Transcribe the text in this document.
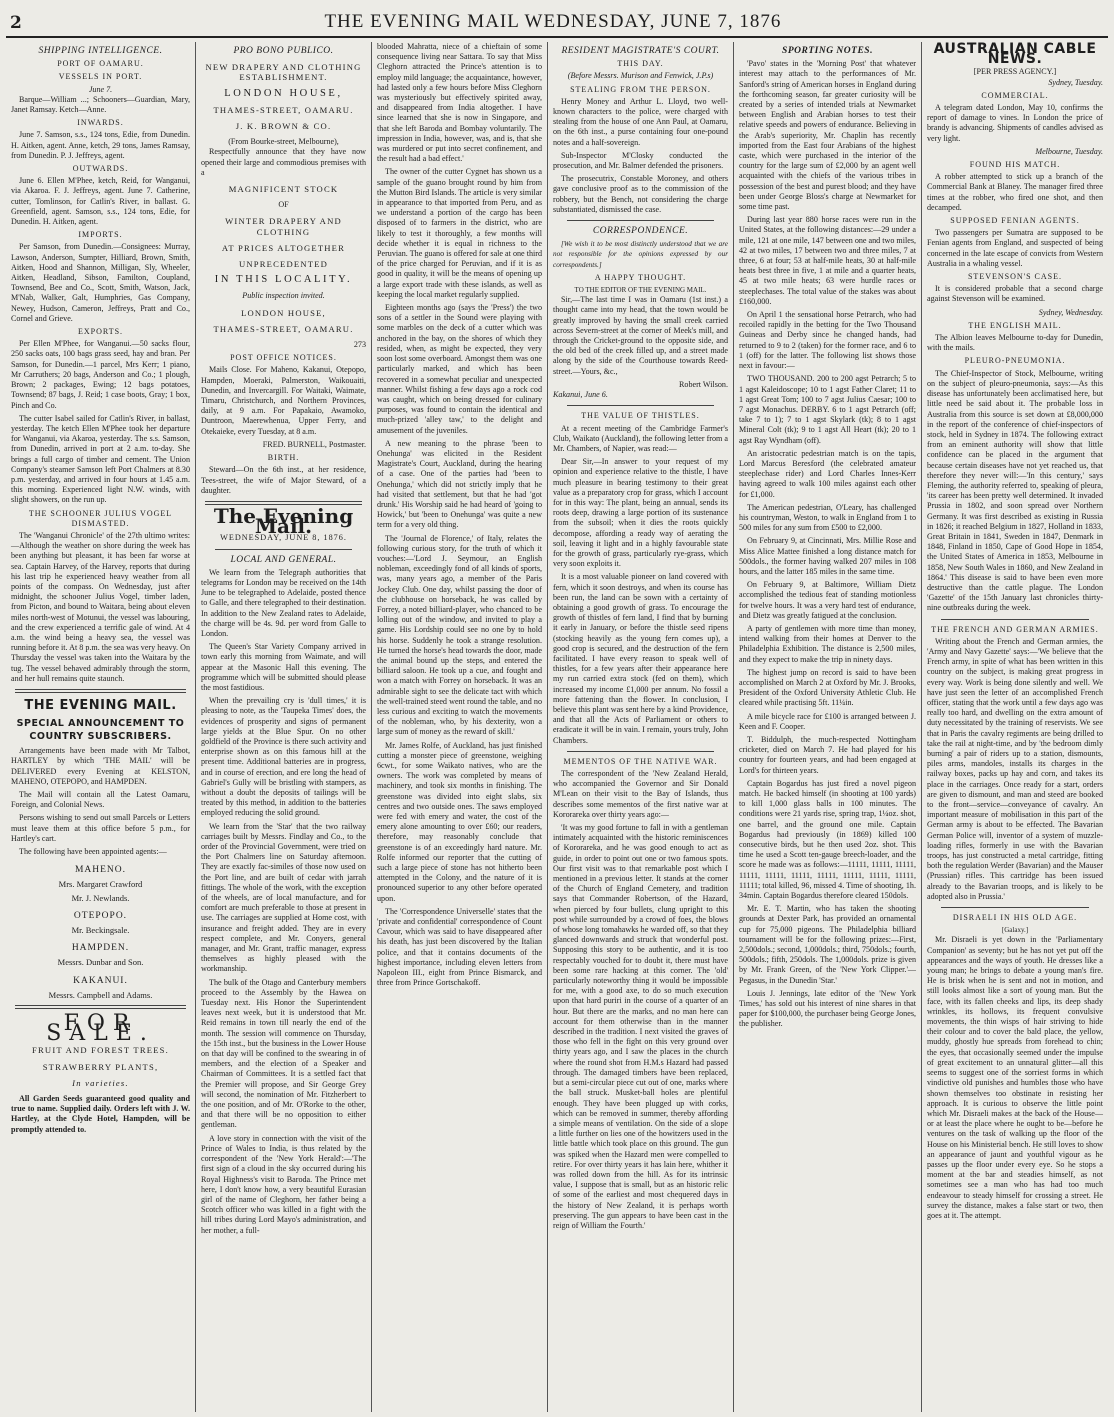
2	THE EVENING MAIL WEDNESDAY, JUNE 7, 1876
SHIPPING INTELLIGENCE.
PORT OF OAMARU.
VESSELS IN PORT.
June 7.

Barque—William ...; Schooners—Guardian, Mary, Janet Ramsay. Ketch—Anne.

INWARDS.

June 7. Samson, s.s., 124 tons, Edie, from Dunedin. H. Aitken, agent. Anne, ketch, 29 tons, James Ramsay, from Dunedin. P. J. Jeffreys, agent.

OUTWARDS.

June 6. Ellen M'Phee, ketch, Reid, for Wanganui, via Akaroa. F. J. Jeffreys, agent. June 7. Catherine, cutter, Tomlinson, for Catlin's River, in ballast. G. Greenfield, agent. Samson, s.s., 124 tons, Edie, for Dunedin. H. Aitken, agent.

IMPORTS.

Per Samson, from Dunedin.—Consignees: Murray, Lawson, Anderson, Sumpter, Hilliard, Brown, Smith, Aitken, Hood and Shannon, Milligan, Sly, Wheeler, Aitken, Headland, Sibson, Familton, Coupland, Townsend, Bee and Co., Scott, Smith, Watson, Jack, M'Nab, Walker, Galt, Humphries, Gas Company, Newey, Hudson, Cameron, Jeffreys, Pratt and Co., Cornel and Grieve.

EXPORTS.

Per Ellen M'Phee, for Wanganui.—50 sacks flour, 250 sacks oats, 100 bags grass seed, hay and bran. Per Samson, for Dunedin.—1 parcel, Mrs Kerr; 1 piano, Mr Carruthers; 20 bags, Anderson and Co.; 1 plough, Brown; 2 packages, Ewing; 12 bags potatoes, Townsend; 87 bags, J. Reid; 1 case boots, Gray; 1 box, Pinch and Co.

The cutter Isabel sailed for Catlin's River, in ballast, yesterday. The ketch Ellen M'Phee took her departure for Wanganui, via Akaroa, yesterday. The s.s. Samson, from Dunedin, arrived in port at 2 a.m. to-day. She brings a full cargo of timber and cement. The Union Company's steamer Samson left Port Chalmers at 8.30 p.m. yesterday, and arrived in four hours at 1.45 a.m. this morning. Experienced light N.W. winds, with slight showers, on the run up.

THE SCHOONER JULIUS VOGEL DISMASTED.

The 'Wanganui Chronicle' of the 27th ultimo writes:—Although the weather on shore during the week has been anything but pleasant, it has been far worse at sea. Captain Harvey, of the Harvey, reports that during his last trip he experienced heavy weather from all points of the compass. On Wednesday, just after midnight, the schooner Julius Vogel, timber laden, from Picton, and bound to Waitara, being about eleven miles north-west of Motunui, the vessel was labouring, and the crew experienced a terrific gale of wind. At 4 a.m. the wind being a heavy sea, the vessel was running before it. At 8 p.m. the sea was very heavy. On Thursday the vessel was taken into the Waitara by the tug. The vessel behaved admirably through the storm, and her hull remains quite staunch.

THE EVENING MAIL.
SPECIAL ANNOUNCEMENT TO COUNTRY SUBSCRIBERS.

Arrangements have been made with Mr Talbot, HARTLEY by which 'THE MAIL' will be DELIVERED every Evening at KELSTON, MAHENO, OTEPOPO, and HAMPDEN.

The Mail will contain all the Latest Oamaru, Foreign, and Colonial News.

Persons wishing to send out small Parcels or Letters must leave them at this office before 5 p.m., for Hartley's cart.

The following have been appointed agents:—

MAHENO.
Mrs. Margaret Crawford
Mr. J. Newlands.
OTEPOPO.
Mr. Beckingsale.
HAMPDEN.
Messrs. Dunbar and Son.
KAKANUI.
Messrs. Campbell and Adams.
FOR SALE.
FRUIT AND FOREST TREES.
STRAWBERRY PLANTS,
In varieties.

All Garden Seeds guaranteed good quality and true to name. Supplied daily. Orders left with J. W. Hartley, at the Clyde Hotel, Hampden, will be promptly attended to.

PRO BONO PUBLICO.
NEW DRAPERY AND CLOTHING ESTABLISHMENT.
LONDON HOUSE,
THAMES-STREET, OAMARU.
J. K. BROWN & CO.
(From Bourke-street, Melbourne),

Respectfully announce that they have now opened their large and commodious premises with a

MAGNIFICENT STOCK
OF
WINTER DRAPERY AND CLOTHING
AT PRICES ALTOGETHER
UNPRECEDENTED
IN THIS LOCALITY.
Public inspection invited.
LONDON HOUSE,
THAMES-STREET, OAMARU.
273
POST OFFICE NOTICES.

Mails Close. For Maheno, Kakanui, Otepopo, Hampden, Moeraki, Palmerston, Waikouaiti, Dunedin, and Invercargill. For Waitaki, Waimate, Timaru, Christchurch, and Northern Provinces, daily, at 9 a.m. For Papakaio, Awamoko, Duntroon, Maerewhenua, Upper Ferry, and Otekaieke, every Tuesday, at 8 a.m.

FRED. BURNELL, Postmaster.
BIRTH.

Steward—On the 6th inst., at her residence, Tees-street, the wife of Major Steward, of a daughter.

The Evening Mail.
WEDNESDAY, JUNE 8, 1876.
LOCAL AND GENERAL.

We learn from the Telegraph authorities that telegrams for London may be received on the 14th June to be telegraphed to Adelaide, posted thence to Galle, and there telegraphed to their destination. In addition to the New Zealand rates to Adelaide, the charge will be 4s. 9d. per word from Galle to London.

The Queen's Star Variety Company arrived in town early this morning from Waimate, and will appear at the Masonic Hall this evening. The programme which will be submitted should please the most fastidious.

When the prevailing cry is 'dull times,' it is pleasing to note, as the 'Taupeka Times' does, the evidences of prosperity and signs of permanent large yields at the Blue Spur. On no other goldfield of the Province is there such activity and enterprise shown as on this famous hill at the present time. Additional batteries are in progress, and in course of erection, and ere long the head of Gabriel's Gully will be bristling with stampers, as without a doubt the deposits of tailings will be treated by this method, in addition to the batteries employed reducing the solid ground.

We learn from the 'Star' that the two railway carriages built by Messrs. Findlay and Co., to the order of the Provincial Government, were tried on the Port Chalmers line on Saturday afternoon. They are exactly fac-similes of those now used on the Port line, and are built of cedar with jarrah fittings. The whole of the work, with the exception of the wheels, are of local manufacture, and for comfort are much preferable to those at present in use. The carriages are supplied at Home cost, with insurance and freight added. They are in every respect complete, and Mr. Conyers, general manager, and Mr. Grant, traffic manager, express themselves as highly pleased with the workmanship.

The bulk of the Otago and Canterbury members proceed to the Assembly by the Hawea on Tuesday next. His Honor the Superintendent leaves next week, but it is understood that Mr. Reid remains in town till nearly the end of the month. The session will commence on Thursday, the 15th inst., but the business in the Lower House on that day will be confined to the swearing in of members, and the election of a Speaker and Chairman of Committees. It is a settled fact that the Premier will propose, and Sir George Grey will second, the nomination of Mr. Fitzherbert to the one position, and of Mr. O'Rorke to the other, and that there will be no opposition to either gentleman.

A love story in connection with the visit of the Prince of Wales to India, is thus related by the correspondent of the 'New York Herald':—'The first sign of a cloud in the sky occurred during his Royal Highness's visit to Baroda. The Prince met here, I don't know how, a very beautiful Eurasian girl of the name of Cleghorn, her father being a Scotch officer who was killed in a fight with the hill tribes during Lord Mayo's administration, and her mother, a full-

blooded Mahratta, niece of a chieftain of some consequence living near Sattara. To say that Miss Cleghorn attracted the Prince's attention is to employ mild language; the acquaintance, however, had lasted only a few hours before Miss Cleghorn was mysteriously but effectively spirited away, and disappeared from India altogether. I have since learned that she is now in Singapore, and that she left Baroda and Bombay voluntarily. The impression in India, however, was, and is, that she was murdered or put into secret confinement, and the result had a bad effect.'

The owner of the cutter Cygnet has shown us a sample of the guano brought round by him from the Mutton Bird Islands. The article is very similar in appearance to that imported from Peru, and as we understand a portion of the cargo has been disposed of to farmers in the district, who are likely to test it thoroughly, a few months will decide whether it is equal in richness to the Peruvian. The guano is offered for sale at one third of the price charged for Peruvian, and if it is as good in quality, it will be the means of opening up a large export trade with these islands, as well as keeping the local market regularly supplied.

Eighteen months ago (says the 'Press') the two sons of a settler in the Sound were playing with some marbles on the deck of a cutter which was anchored in the bay, on the shores of which they resided, when, as might be expected, they very soon lost some overboard. Amongst them was one particularly marked, and which has been recovered in a somewhat peculiar and unexpected manner. Whilst fishing a few days ago a rock cod was caught, which on being dressed for culinary purposes, was found to contain the identical and much-prized 'alley taw,' to the delight and amusement of the juveniles.

A new meaning to the phrase 'been to Onehunga' was elicited in the Resident Magistrate's Court, Auckland, during the hearing of a case. One of the parties had 'been to Onehunga,' which did not strictly imply that he had visited that settlement, but that he had 'got drunk.' His Worship said he had heard of 'going to Howick,' but 'been to Onehunga' was quite a new term for a very old thing.

The 'Journal de Florence,' of Italy, relates the following curious story, for the truth of which it vouches:—'Lord J. Seymour, an English nobleman, exceedingly fond of all kinds of sports, was, many years ago, a member of the Paris Jockey Club. One day, whilst passing the door of the clubhouse on horseback, he was called by Forrey, a noted billiard-player, who chanced to be lolling out of the window, and invited to play a game. His Lordship could see no one by to hold his horse. Suddenly he took a strange resolution. He turned the horse's head towards the door, made the animal bound up the steps, and entered the billiard saloon. He took up a cue, and fought and won a match with Forrey on horseback. It was an admirable sight to see the delicate tact with which the well-trained steed went round the table, and no less curious and exciting to watch the movements of the nobleman, who, by his dexterity, won a large sum of money as the reward of skill.'

Mr. James Rolfe, of Auckland, has just finished cutting a monster piece of greenstone, weighing 6cwt., for some Waikato natives, who are the owners. The work was completed by means of machinery, and took six months in finishing. The greenstone was divided into eight slabs, six centres and two outside ones. The saws employed were fed with emery and water, the cost of the emery alone amounting to over £60; our readers, therefore, may reasonably conclude that greenstone is of an exceedingly hard nature. Mr. Rolfe informed our reporter that the cutting of such a large piece of stone has not hitherto been attempted in the Colony, and the nature of it is pronounced superior to any other before operated upon.

The 'Correspondence Universelle' states that the 'private and confidential' correspondence of Count Cavour, which was said to have disappeared after his death, has just been discovered by the Italian police, and that it contains documents of the highest importance, including eleven letters from Napoleon III., eight from Prince Bismarck, and three from Prince Gortschakoff.

RESIDENT MAGISTRATE'S COURT.
THIS DAY.
(Before Messrs. Murison and Fenwick, J.P.s)
STEALING FROM THE PERSON.

Henry Money and Arthur L. Lloyd, two well-known characters to the police, were charged with stealing from the house of one Ann Paul, at Oamaru, on the 6th inst., a purse containing four one-pound notes and a half-sovereign.

Sub-Inspector M'Closky conducted the prosecution, and Mr. Balmer defended the prisoners.

The prosecutrix, Constable Moroney, and others gave conclusive proof as to the commission of the robbery, but the Bench, not considering the charge substantiated, dismissed the case.

CORRESPONDENCE.

[We wish it to be most distinctly understood that we are not responsible for the opinions expressed by our correspondents.]

A HAPPY THOUGHT.
TO THE EDITOR OF THE EVENING MAIL.

Sir,—The last time I was in Oamaru (1st inst.) a thought came into my head, that the town would be greatly improved by having the small creek carried across Severn-street at the corner of Meek's mill, and through the Cricket-ground to the opposite side, and the old bed of the creek filled up, and a street made along by the side of the Courthouse towards Reed-street.—Yours, &c.,

Robert Wilson.
Kakanui, June 6.
THE VALUE OF THISTLES.

At a recent meeting of the Cambridge Farmer's Club, Waikato (Auckland), the following letter from a Mr. Chambers, of Napier, was read:—

Dear Sir,—In answer to your request of my opinion and experience relative to the thistle, I have much pleasure in bearing testimony to their great value as a preparatory crop for grass, which I account for in this way: The plant, being an annual, sends its roots deep, drawing a large portion of its sustenance from the subsoil; when it dies the roots quickly decompose, affording a ready way of aerating the soil, leaving it light and in a highly favourable state for the growth of grass, particularly rye-grass, which very soon exploits it.

It is a most valuable pioneer on land covered with fern, which it soon destroys, and when its course has been run, the land can be sown with a certainty of obtaining a good growth of grass. To encourage the growth of thistles of fern land, I find that by burning it early in January, or before the thistle seed ripens (stocking heavily as the young fern comes up), a good crop is secured, and the destruction of the fern facilitated. I have every reason to speak well of thistles, for a few years after their appearance here my run carried extra stock (fed on them), which increased my income £1,000 per annum. No fossil a more fattening than the flower. In conclusion, I believe this plant was sent here by a kind Providence, and that all the Acts of Parliament or others to eradicate it will be in vain. I remain, yours truly, John Chambers.

MEMENTOS OF THE NATIVE WAR.

The correspondent of the 'New Zealand Herald, who accompanied the Governor and Sir Donald M'Lean on their visit to the Bay of Islands, thus describes some mementos of the first native war at Kororareka over thirty years ago:—

'It was my good fortune to fall in with a gentleman intimately acquainted with the historic reminiscences of Kororareka, and he was good enough to act as guide, in order to point out one or two famous spots. Our first visit was to that remarkable post which I mentioned in a previous letter. It stands at the corner of the Church of England Cemetery, and tradition says that Commander Robertson, of the Hazard, when pierced by four bullets, clung upright to this post while surrounded by a crowd of foes, the blows of whose long tomahawks he warded off, so that they glanced downwards and struck that wonderful post. Supposing this story to be authentic, and it is too respectably vouched for to doubt it, there must have been some rare hacking at this corner. The 'old' particularly noteworthy thing it would be impossible for me, with a good axe, to do so much execution upon that hard puriri in the course of a quarter of an hour. But there are the marks, and no man here can account for them otherwise than in the manner described in the tradition. I next visited the graves of those who fell in the fight on this very ground over thirty years ago, and I saw the places in the church where the round shot from H.M.s Hazard had passed through. The damaged timbers have been replaced, but a semi-circular piece cut out of one, marks where the ball struck. Musket-ball holes are plentiful enough. They have been plugged up with corks, which can be removed in summer, thereby affording a simple means of ventilation. On the side of a slope a little further on lies one of the howitzers used in the little battle which took place on this ground. The gun was spiked when the Hazard men were compelled to retire. For over thirty years it has lain here, whither it was rolled down from the hill. As for its intrinsic value, I suppose that is small, but as an historic relic of some of the earliest and most chequered days in the history of New Zealand, it is perhaps worth preserving. The gun appears to have been cast in the reign of William the Fourth.'

SPORTING NOTES.

'Pavo' states in the 'Morning Post' that whatever interest may attach to the performances of Mr. Sanford's string of American horses in England during the forthcoming season, far greater curiosity will be created by a series of intended trials at Newmarket between English and Arabian horses to test their relative speeds and powers of endurance. Believing in the Arab's superiority, Mr. Chaplin has recently imported from the East four Arabians of the highest caste, which were purchased in the interior of the country for the large sum of £2,000 by an agent well acquainted with the chiefs of the various tribes in possession of the best and purest blood; and they have been under George Bloss's charge at Newmarket for some time past.

During last year 880 horse races were run in the United States, at the following distances:—29 under a mile, 121 at one mile, 147 between one and two miles, 42 at two miles, 17 between two and three miles, 7 at three, 6 at four; 53 at half-mile heats, 30 at half-mile heats best three in five, 1 at mile and a quarter heats, 45 at two mile heats; 63 were hurdle races or steeplechases. The total value of the stakes was about £160,000.

On April 1 the sensational horse Petrarch, who had recoiled rapidly in the betting for the Two Thousand Guineas and Derby since he changed hands, had returned to 9 to 2 (taken) for the former race, and 6 to 1 (off) for the latter. The following list shows those next in favour:—

TWO THOUSAND. 200 to 200 agst Petrarch; 5 to 1 agst Kaleidoscope; 10 to 1 agst Father Claret; 11 to 1 agst Great Tom; 100 to 7 agst Julius Caesar; 100 to 7 agst Monachus. DERBY. 6 to 1 agst Petrarch (off; take 7 to 1); 7 to 1 agst Skylark (tk); 8 to 1 agst Mineral Colt (tk); 9 to 1 agst All Heart (tk); 20 to 1 agst Ray Wyndham (off).

An aristocratic pedestrian match is on the tapis, Lord Marcus Beresford (the celebrated amateur steeplechase rider) and Lord Charles Innes-Kerr having agreed to walk 100 miles against each other for £1,000.

The American pedestrian, O'Leary, has challenged his countryman, Weston, to walk in England from 1 to 500 miles for any sum from £500 to £2,000.

On February 9, at Cincinnati, Mrs. Millie Rose and Miss Alice Mattee finished a long distance match for 500dols., the former having walked 207 miles in 108 hours, and the latter 185 miles in the same time.

On February 9, at Baltimore, William Dietz accomplished the tedious feat of standing motionless for twelve hours. It was a very hard test of endurance, and Dietz was greatly fatigued at the conclusion.

A party of gentlemen with more time than money, intend walking from their homes at Denver to the Philadelphia Exhibition. The distance is 2,500 miles, and they expect to make the trip in ninety days.

The highest jump on record is said to have been accomplished on March 2 at Oxford by Mr. J. Brooks, President of the Oxford University Athletic Club. He cleared while practising 5ft. 11¼in.

A mile bicycle race for £100 is arranged between J. Keen and F. Cooper.

T. Biddulph, the much-respected Nottingham cricketer, died on March 7. He had played for his country for fourteen years, and had been engaged at Lord's for thirteen years.

Captain Bogardus has just fired a novel pigeon match. He backed himself (in shooting at 100 yards) to kill 1,000 glass balls in 100 minutes. The conditions were 21 yards rise, spring trap, 1¼oz. shot, one barrel, and the ground one mile. Captain Bogardus had previously (in 1869) killed 100 consecutive birds, but he then used 2oz. shot. This time he used a Scott ten-gauge breech-loader, and the score he made was as follows:—11111, 11111, 11111, 11111, 11111, 11111, 11111, 11111, 11111, 11111, 11111; total killed, 96, missed 4. Time of shooting, 1h. 34min. Captain Bogardus therefore cleared 150dols.

Mr. E. T. Martin, who has taken the shooting grounds at Dexter Park, has provided an ornamental cup for 75,000 pigeons. The Philadelphia billiard tournament will be for the following prizes:—First, 2,500dols.; second, 1,000dols.; third, 750dols.; fourth, 500dols.; fifth, 250dols. The 1,000dols. prize is given by Mr. Frank Green, of the 'New York Clipper.'—Pegasus, in the Dunedin 'Star.'

Louis J. Jennings, late editor of the 'New York Times,' has sold out his interest of nine shares in that paper for $100,000, the purchaser being George Jones, the publisher.

AUSTRALIAN CABLE NEWS.
[PER PRESS AGENCY.]
Sydney, Tuesday.
COMMERCIAL.

A telegram dated London, May 10, confirms the report of damage to vines. In London the price of brandy is advancing. Shipments of candles advised as very light.

Melbourne, Tuesday.
FOUND HIS MATCH.

A robber attempted to stick up a branch of the Commercial Bank at Blaney. The manager fired three times at the robber, who fired one shot, and then decamped.

SUPPOSED FENIAN AGENTS.

Two passengers per Sumatra are supposed to be Fenian agents from England, and suspected of being concerned in the late escape of convicts from Western Australia in a whaling vessel.

STEVENSON'S CASE.

It is considered probable that a second charge against Stevenson will be examined.

Sydney, Wednesday.
THE ENGLISH MAIL.

The Albion leaves Melbourne to-day for Dunedin, with the mails.

PLEURO-PNEUMONIA.

The Chief-Inspector of Stock, Melbourne, writing on the subject of pleuro-pneumonia, says:—As this disease has unfortunately been acclimatised here, but little need be said about it. The probable loss in Australia from this source is set down at £8,000,000 in the report of the conference of chief-inspectors of stock, held in Sydney in 1874. The following extract from an eminent authority will show that little confidence can be placed in the argument that because certain diseases have not yet reached us, that therefore they never will:—'In this century,' says Fleming, the authority referred to, speaking of pleura, 'its career has been pretty well determined. It invaded Prussia in 1802, and soon spread over Northern Germany. It was first described as existing in Russia in 1826; it reached Belgium in 1827, Holland in 1833, Great Britain in 1841, Sweden in 1847, Denmark in 1848, Finland in 1850, Cape of Good Hope in 1854, the United States of America in 1853, Melbourne in 1858, New South Wales in 1860, and New Zealand in 1864.' This disease is said to have been even more destructive than the cattle plague. The London 'Gazette' of the 15th January last chronicles thirty-nine outbreaks during the week.

THE FRENCH AND GERMAN ARMIES.

Writing about the French and German armies, the 'Army and Navy Gazette' says:—'We believe that the French army, in spite of what has been written in this country on the subject, is making great progress in every way. Work is being done silently and well. We have just seen the letter of an accomplished French officer, stating that the work until a few days ago was really too hard, and dwelling on the extra amount of duty necessitated by the training of reservists. We see that in Paris the cavalry regiments are being drilled to take the rail at night-time, and by 'the bedroom dimly burning' a pair of riders up to a station, dismounts, piles arms, mandoles, installs its charges in the railway boxes, packs up hay and corn, and takes its place in the carriages. Once ready for a start, orders are given to dismount, and man and steed are booked to the front—service—conveyance of cavalry. An important measure of mobilisation in this part of the German army is about to be effected. The Bavarian German Police will, inventor of a system of muzzle-loading rifles, formerly in use with the Bavarian troops, has just constructed a metal cartridge, fitting both the regulation Werder (Bavarian) and the Mauser (Prussian) rifles. This cartridge has been issued already to the Bavarian troops, and is likely to be adopted also in Prussia.'

DISRAELI IN HIS OLD AGE.
[Galaxy.]

Mr. Disraeli is yet down in the 'Parliamentary Companion' as seventy; but he has not yet put off the appearances and the ways of youth. He dresses like a young man; he brings to debate a young man's fire. He is brisk when he is sent and not in motion, and still looks almost like a sort of young man. But the face, with its fallen cheeks and lips, its deep shady wrinkles, its hollows, its frequent convulsive movements, the thin wisps of hair striving to hide their colour and to cover the bald place, the yellow, muddy, ghostly hue spreads from forehead to chin; the eyes, that occasionally seemed under the impulse of great excitement to an unnatural glitter—all this seems to suggest one of the sorriest forms in which vindictive old punishes and humbles those who have shown themselves too obstinate in resisting her approach. It is curious to observe the little point which Mr. Disraeli makes at the back of the House—or at least the place where he ought to be—before he ventures on the task of walking up the floor of the House on his Ministerial bench. He still loves to show an appearance of jaunt and youthful vigour as he passes up the floor under every eye. So he stops a moment at the bar and steadies himself, as not sometimes see a man who has had too much endeavour to steady himself for crossing a street. He survey the distance, makes a false start or two, then goes at it. The attempt.
